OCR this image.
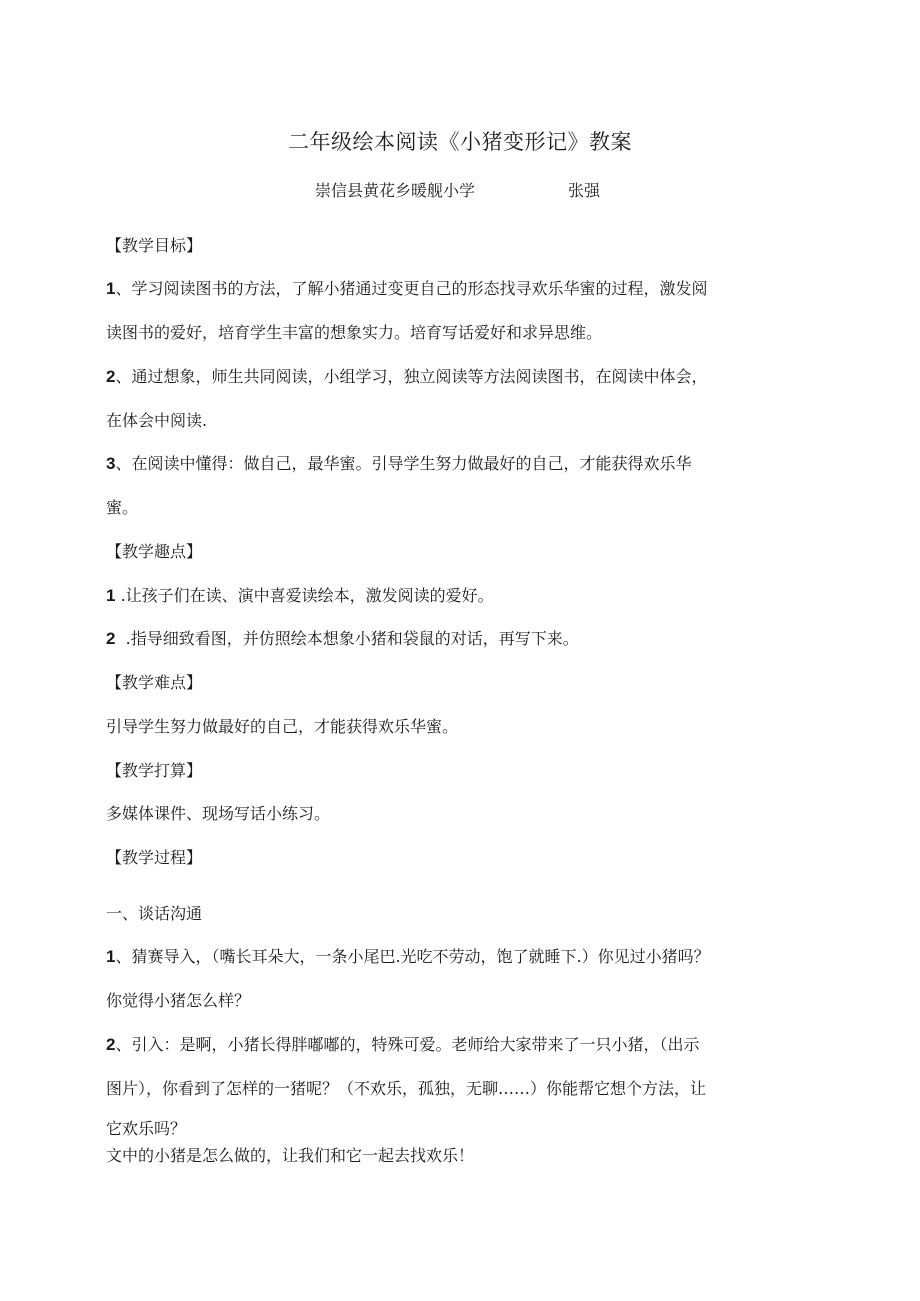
二年级绘本阅读《小猪变形记》教案
崇信县黄花乡暖舰小学	张强
【教学目标】
1、学习阅读图书的方法，了解小猪通过变更自己的形态找寻欢乐华蜜的过程，激发阅
读图书的爱好，培育学生丰富的想象实力。培育写话爱好和求异思维。
2、通过想象，师生共同阅读，小组学习，独立阅读等方法阅读图书，在阅读中体会，
在体会中阅读.
3、在阅读中懂得：做自己，最华蜜。引导学生努力做最好的自己，才能获得欢乐华
蜜。
【教学趣点】
1 .让孩子们在读、演中喜爱读绘本，激发阅读的爱好。
2 .指导细致看图，并仿照绘本想象小猪和袋鼠的对话，再写下来。
【教学难点】
引导学生努力做最好的自己，才能获得欢乐华蜜。
【教学打算】
多媒体课件、现场写话小练习。
【教学过程】
一、谈话沟通
1、猜赛导入，（嘴长耳朵大，一条小尾巴.光吃不劳动，饱了就睡下.）你见过小猪吗？
你觉得小猪怎么样？
2、引入：是啊，小猪长得胖嘟嘟的，特殊可爱。老师给大家带来了一只小猪，（出示
图片），你看到了怎样的一猪呢？（不欢乐，孤独，无聊……）你能帮它想个方法，让
它欢乐吗？
文中的小猪是怎么做的，让我们和它一起去找欢乐！
